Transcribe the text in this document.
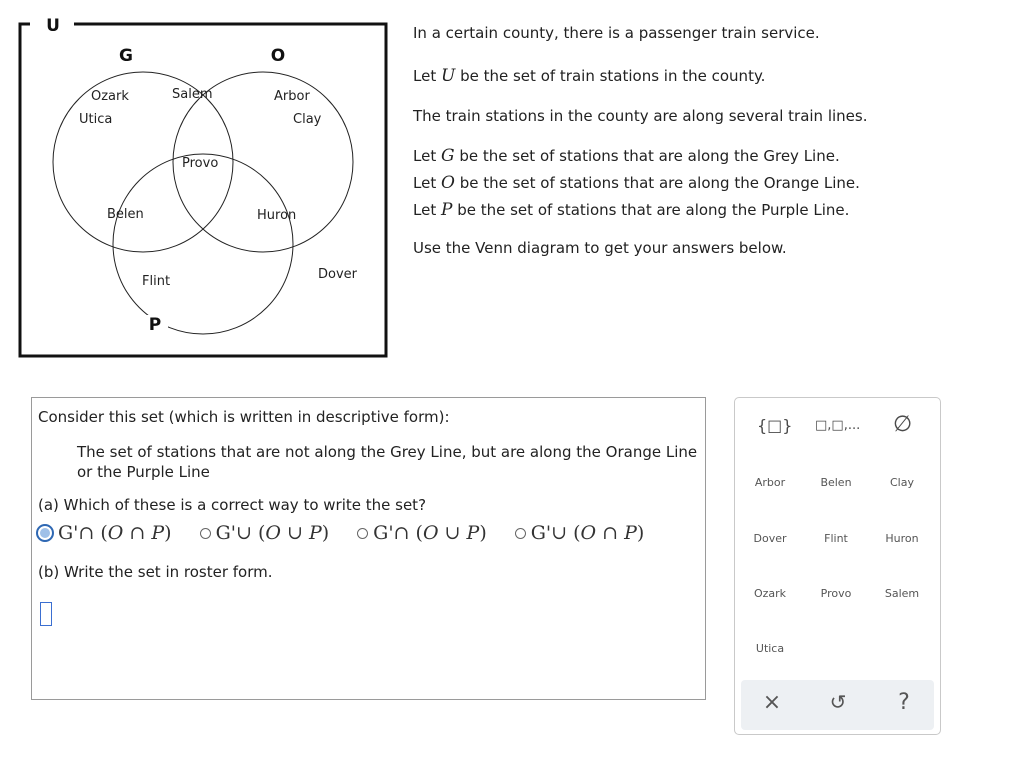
U
G	O
P
Ozark
Utica
Salem	Arbor
Clay
Provo
Belen	Huron
Flint	Dover

In a certain county, there is a passenger train service.

Let U be the set of train stations in the county.

The train stations in the county are along several train lines.

Let G be the set of stations that are along the Grey Line.

Let O be the set of stations that are along the Orange Line.

Let P be the set of stations that are along the Purple Line.

Use the Venn diagram to get your answers below.

Consider this set (which is written in descriptive form):
The set of stations that are not along the Grey Line, but are along the Orange Line or the Purple Line
(a) Which of these is a correct way to write the set?
G'∩ (O ∩ P) G'∪ (O ∪ P) G'∩ (O ∪ P) G'∪ (O ∩ P)
(b) Write the set in roster form.
{□} □,□,... ∅
Arbor	Belen	Clay
Dover	Flint	Huron
Ozark	Provo	Salem
Utica
×	↺	?
